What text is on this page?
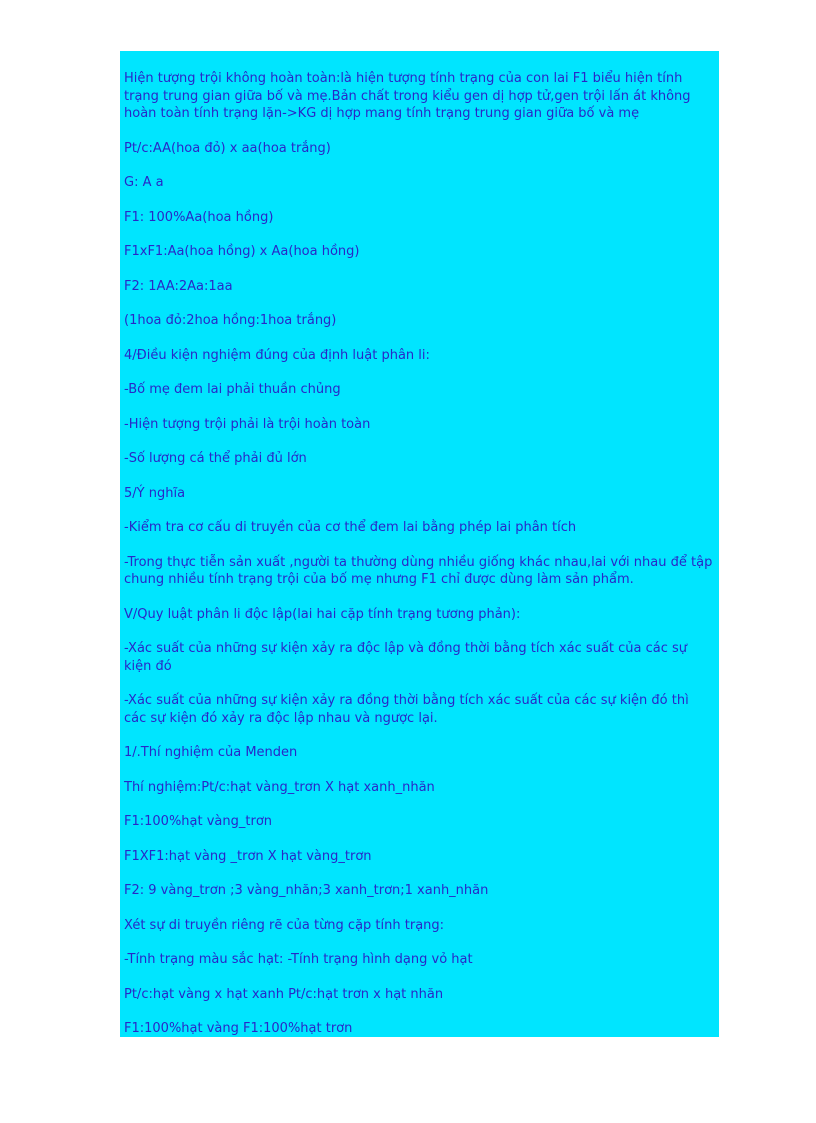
Hiện tượng trội không hoàn toàn:là hiện tượng tính trạng của con lai F1 biểu hiện tính trạng trung gian giữa bố và mẹ.Bản chất trong kiểu gen dị hợp tử,gen trội lấn át không hoàn toàn tính trạng lặn->KG dị hợp mang tính trạng trung gian giữa bố và mẹ

Pt/c:AA(hoa đỏ) x aa(hoa trắng)

G: A a

F1: 100%Aa(hoa hồng)

F1xF1:Aa(hoa hồng) x Aa(hoa hồng)

F2: 1AA:2Aa:1aa

(1hoa đỏ:2hoa hồng:1hoa trắng)

4/Điều kiện nghiệm đúng của định luật phân li:

-Bố mẹ đem lai phải thuần chủng

-Hiện tượng trội phải là trội hoàn toàn

-Số lượng cá thể phải đủ lớn

5/Ý nghĩa

-Kiểm tra cơ cấu di truyền của cơ thể đem lai bằng phép lai phân tích

-Trong thực tiễn sản xuất ,người ta thường dùng nhiều giống khác nhau,lai với nhau để tập chung nhiều tính trạng trội của bố mẹ nhưng F1 chỉ được dùng làm sản phẩm.

V/Quy luật phân li độc lập(lai hai cặp tính trạng tương phản):

-Xác suất của những sự kiện xảy ra độc lập và đồng thời bằng tích xác suất của các sự kiện đó

-Xác suất của những sự kiện xảy ra đồng thời bằng tích xác suất của các sự kiện đó thì các sự kiện đó xảy ra độc lập nhau và ngược lại.

1/.Thí nghiệm của Menden

Thí nghiệm:Pt/c:hạt vàng_trơn X hạt xanh_nhăn

F1:100%hạt vàng_trơn

F1XF1:hạt vàng _trơn X hạt vàng_trơn

F2: 9 vàng_trơn ;3 vàng_nhăn;3 xanh_trơn;1 xanh_nhăn

Xét sự di truyền riêng rẽ của từng cặp tính trạng:

-Tính trạng màu sắc hạt: -Tính trạng hình dạng vỏ hạt

Pt/c:hạt vàng x hạt xanh Pt/c:hạt trơn x hạt nhăn

F1:100%hạt vàng F1:100%hạt trơn
